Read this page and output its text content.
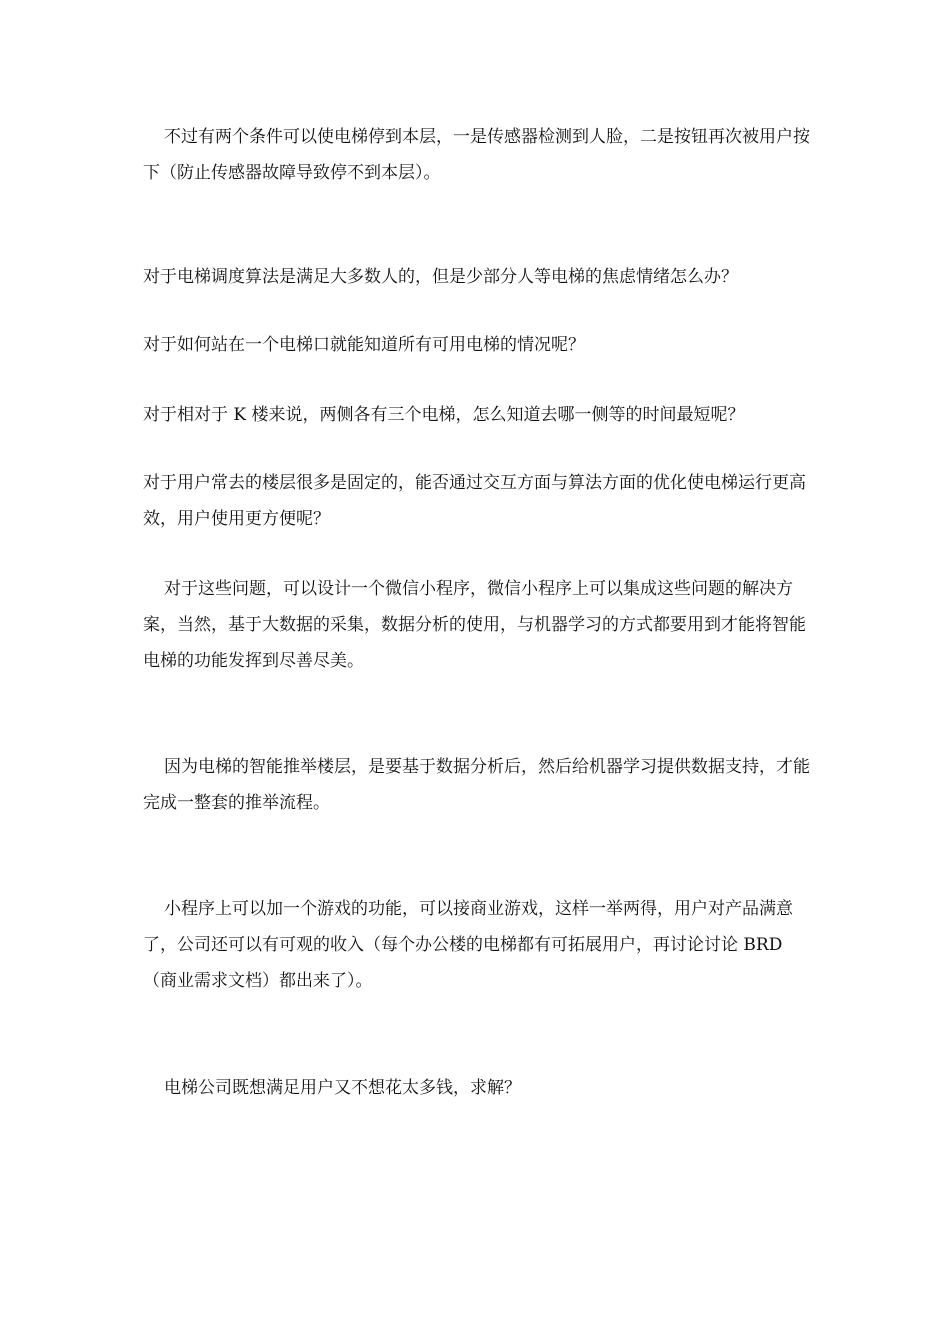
不过有两个条件可以使电梯停到本层，一是传感器检测到人脸，二是按钮再次被用户按下（防止传感器故障导致停不到本层）。

对于电梯调度算法是满足大多数人的，但是少部分人等电梯的焦虑情绪怎么办？

对于如何站在一个电梯口就能知道所有可用电梯的情况呢？

对于相对于 K 楼来说，两侧各有三个电梯，怎么知道去哪一侧等的时间最短呢？

对于用户常去的楼层很多是固定的，能否通过交互方面与算法方面的优化使电梯运行更高效，用户使用更方便呢？

对于这些问题，可以设计一个微信小程序，微信小程序上可以集成这些问题的解决方案，当然，基于大数据的采集，数据分析的使用，与机器学习的方式都要用到才能将智能电梯的功能发挥到尽善尽美。

因为电梯的智能推举楼层，是要基于数据分析后，然后给机器学习提供数据支持，才能完成一整套的推举流程。

小程序上可以加一个游戏的功能，可以接商业游戏，这样一举两得，用户对产品满意了，公司还可以有可观的收入（每个办公楼的电梯都有可拓展用户，再讨论讨论 BRD（商业需求文档）都出来了）。

电梯公司既想满足用户又不想花太多钱，求解？
